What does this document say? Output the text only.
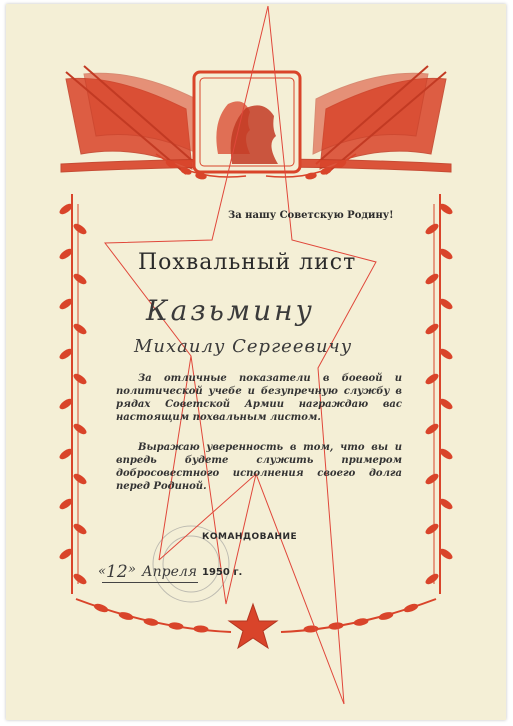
За нашу Советскую Родину!
Похвальный лист
Казьмину
Михаилу Сергеевичу
За отличные показатели в боевой и политической учебе и безупречную службу в рядах Советской Армии награждаю вас настоящим похвальным листом.
Выражаю уверенность в том, что вы и впредь будете служить примером добросовестного исполнения своего долга перед Родиной.
КОМАНДОВАНИЕ
« 12 » Апреля 1950 г.
